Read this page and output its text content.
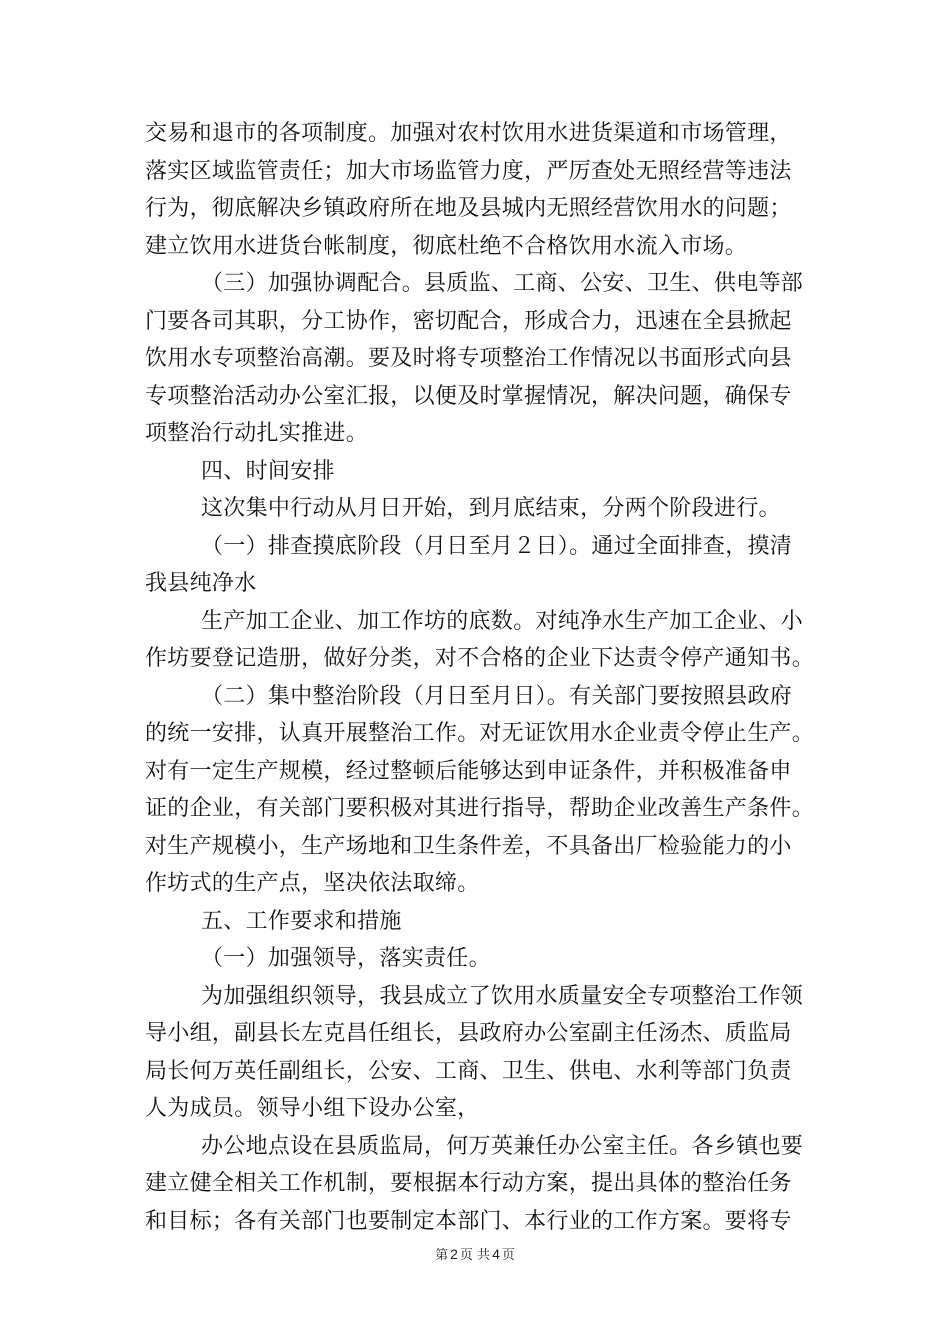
交易和退市的各项制度。加强对农村饮用水进货渠道和市场管理，
落实区域监管责任；加大市场监管力度，严厉查处无照经营等违法
行为，彻底解决乡镇政府所在地及县城内无照经营饮用水的问题；
建立饮用水进货台帐制度，彻底杜绝不合格饮用水流入市场。
（三）加强协调配合。县质监、工商、公安、卫生、供电等部
门要各司其职，分工协作，密切配合，形成合力，迅速在全县掀起
饮用水专项整治高潮。要及时将专项整治工作情况以书面形式向县
专项整治活动办公室汇报，以便及时掌握情况，解决问题，确保专
项整治行动扎实推进。
四、时间安排
这次集中行动从月日开始，到月底结束，分两个阶段进行。
（一）排查摸底阶段（月日至月２日）。通过全面排查，摸清
我县纯净水
生产加工企业、加工作坊的底数。对纯净水生产加工企业、小
作坊要登记造册，做好分类，对不合格的企业下达责令停产通知书。
（二）集中整治阶段（月日至月日）。有关部门要按照县政府
的统一安排，认真开展整治工作。对无证饮用水企业责令停止生产。
对有一定生产规模，经过整顿后能够达到申证条件，并积极准备申
证的企业，有关部门要积极对其进行指导，帮助企业改善生产条件。
对生产规模小，生产场地和卫生条件差，不具备出厂检验能力的小
作坊式的生产点，坚决依法取缔。
五、工作要求和措施
（一）加强领导，落实责任。
为加强组织领导，我县成立了饮用水质量安全专项整治工作领
导小组，副县长左克昌任组长，县政府办公室副主任汤杰、质监局
局长何万英任副组长，公安、工商、卫生、供电、水利等部门负责
人为成员。领导小组下设办公室，
办公地点设在县质监局，何万英兼任办公室主任。各乡镇也要
建立健全相关工作机制，要根据本行动方案，提出具体的整治任务
和目标；各有关部门也要制定本部门、本行业的工作方案。要将专
第 2 页 共 4 页
